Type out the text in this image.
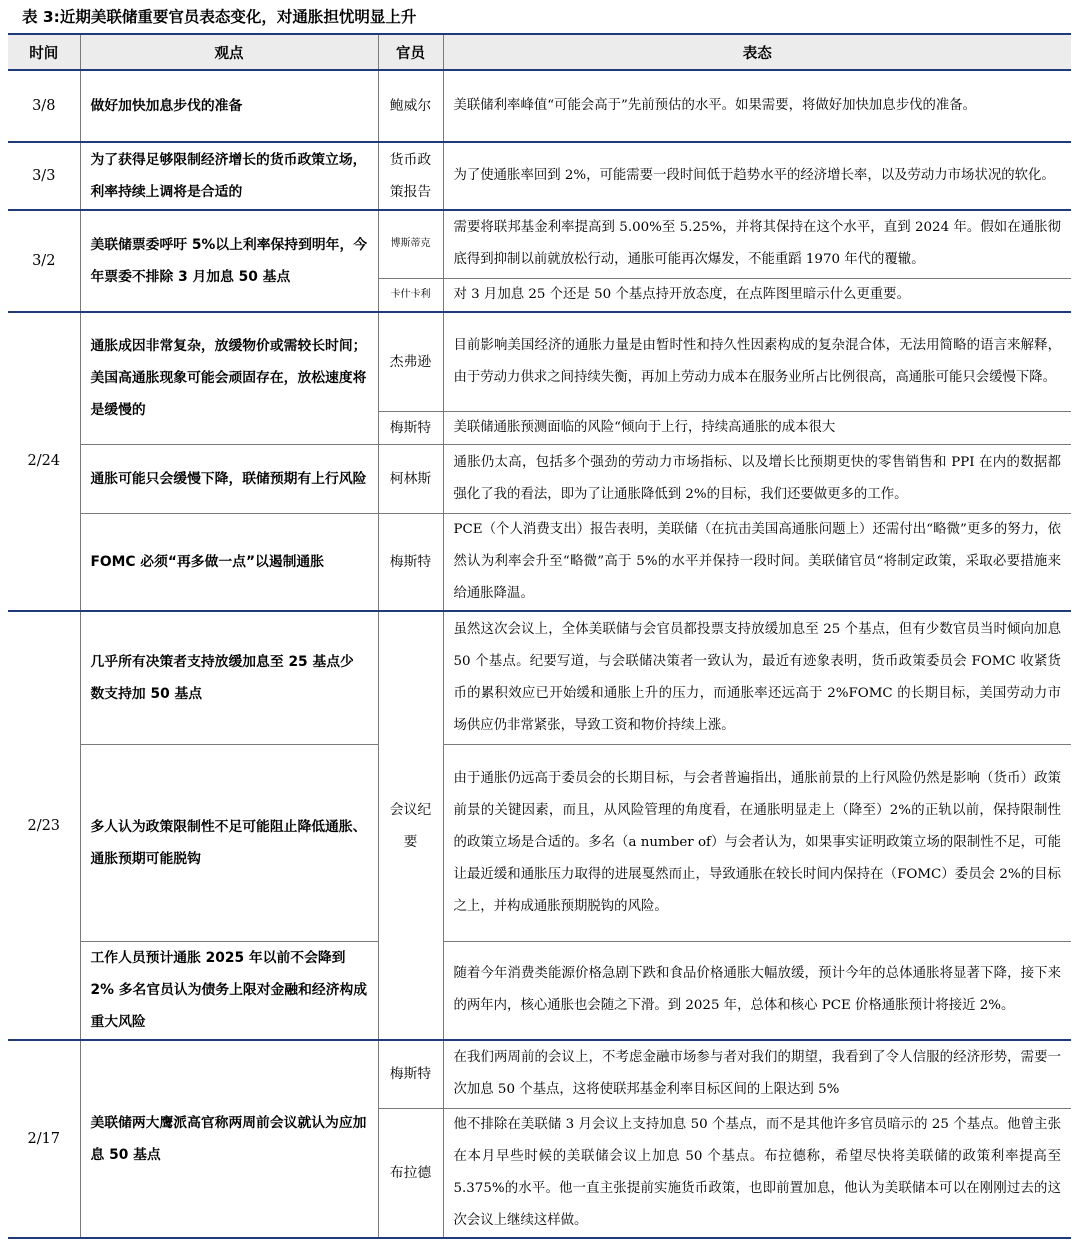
表 3:近期美联储重要官员表态变化，对通胀担忧明显上升
时间	观点	官员	表态
3/8	做好加快加息步伐的准备	鲍威尔	美联储利率峰值“可能会高于”先前预估的水平。如果需要，将做好加快加息步伐的准备。
3/3	为了获得足够限制经济增长的货币政策立场，利率持续上调将是合适的	货币政策报告	为了使通胀率回到 2%，可能需要一段时间低于趋势水平的经济增长率，以及劳动力市场状况的软化。
3/2	美联储票委呼吁 5%以上利率保持到明年，今年票委不排除 3 月加息 50 基点	博斯蒂克	需要将联邦基金利率提高到 5.00%至 5.25%，并将其保持在这个水平，直到 2024 年。假如在通胀彻底得到抑制以前就放松行动，通胀可能再次爆发，不能重蹈 1970 年代的覆辙。
		卡什卡利	对 3 月加息 25 个还是 50 个基点持开放态度，在点阵图里暗示什么更重要。
2/24	通胀成因非常复杂，放缓物价或需较长时间；美国高通胀现象可能会顽固存在，放松速度将是缓慢的	杰弗逊	目前影响美国经济的通胀力量是由暂时性和持久性因素构成的复杂混合体，无法用简略的语言来解释，由于劳动力供求之间持续失衡，再加上劳动力成本在服务业所占比例很高，高通胀可能只会缓慢下降。
		梅斯特	美联储通胀预测面临的风险“倾向于上行，持续高通胀的成本很大
	通胀可能只会缓慢下降，联储预期有上行风险	柯林斯	通胀仍太高，包括多个强劲的劳动力市场指标、以及增长比预期更快的零售销售和 PPI 在内的数据都强化了我的看法，即为了让通胀降低到 2%的目标，我们还要做更多的工作。
	FOMC 必须“再多做一点”以遏制通胀	梅斯特	PCE（个人消费支出）报告表明，美联储（在抗击美国高通胀问题上）还需付出“略微”更多的努力，依然认为利率会升至“略微”高于 5%的水平并保持一段时间。美联储官员“将制定政策，采取必要措施来给通胀降温。
2/23	几乎所有决策者支持放缓加息至 25 基点少数支持加 50 基点	会议纪要	虽然这次会议上，全体美联储与会官员都投票支持放缓加息至 25 个基点，但有少数官员当时倾向加息 50 个基点。纪要写道，与会联储决策者一致认为，最近有迹象表明，货币政策委员会 FOMC 收紧货币的累积效应已开始缓和通胀上升的压力，而通胀率还远高于 2%FOMC 的长期目标，美国劳动力市场供应仍非常紧张，导致工资和物价持续上涨。
	多人认为政策限制性不足可能阻止降低通胀、通胀预期可能脱钩		由于通胀仍远高于委员会的长期目标，与会者普遍指出，通胀前景的上行风险仍然是影响（货币）政策前景的关键因素，而且，从风险管理的角度看，在通胀明显走上（降至）2%的正轨以前，保持限制性的政策立场是合适的。多名（a number of）与会者认为，如果事实证明政策立场的限制性不足，可能让最近缓和通胀压力取得的进展戛然而止，导致通胀在较长时间内保持在（FOMC）委员会 2%的目标之上，并构成通胀预期脱钩的风险。
	工作人员预计通胀 2025 年以前不会降到 2% 多名官员认为债务上限对金融和经济构成重大风险		随着今年消费类能源价格急剧下跌和食品价格通胀大幅放缓，预计今年的总体通胀将显著下降，接下来的两年内，核心通胀也会随之下滑。到 2025 年，总体和核心 PCE 价格通胀预计将接近 2%。
2/17	美联储两大鹰派高官称两周前会议就认为应加息 50 基点	梅斯特	在我们两周前的会议上，不考虑金融市场参与者对我们的期望，我看到了令人信服的经济形势，需要一次加息 50 个基点，这将使联邦基金利率目标区间的上限达到 5%
		布拉德	他不排除在美联储 3 月会议上支持加息 50 个基点，而不是其他许多官员暗示的 25 个基点。他曾主张在本月早些时候的美联储会议上加息 50 个基点。布拉德称，希望尽快将美联储的政策利率提高至 5.375%的水平。他一直主张提前实施货币政策，也即前置加息，他认为美联储本可以在刚刚过去的这次会议上继续这样做。
